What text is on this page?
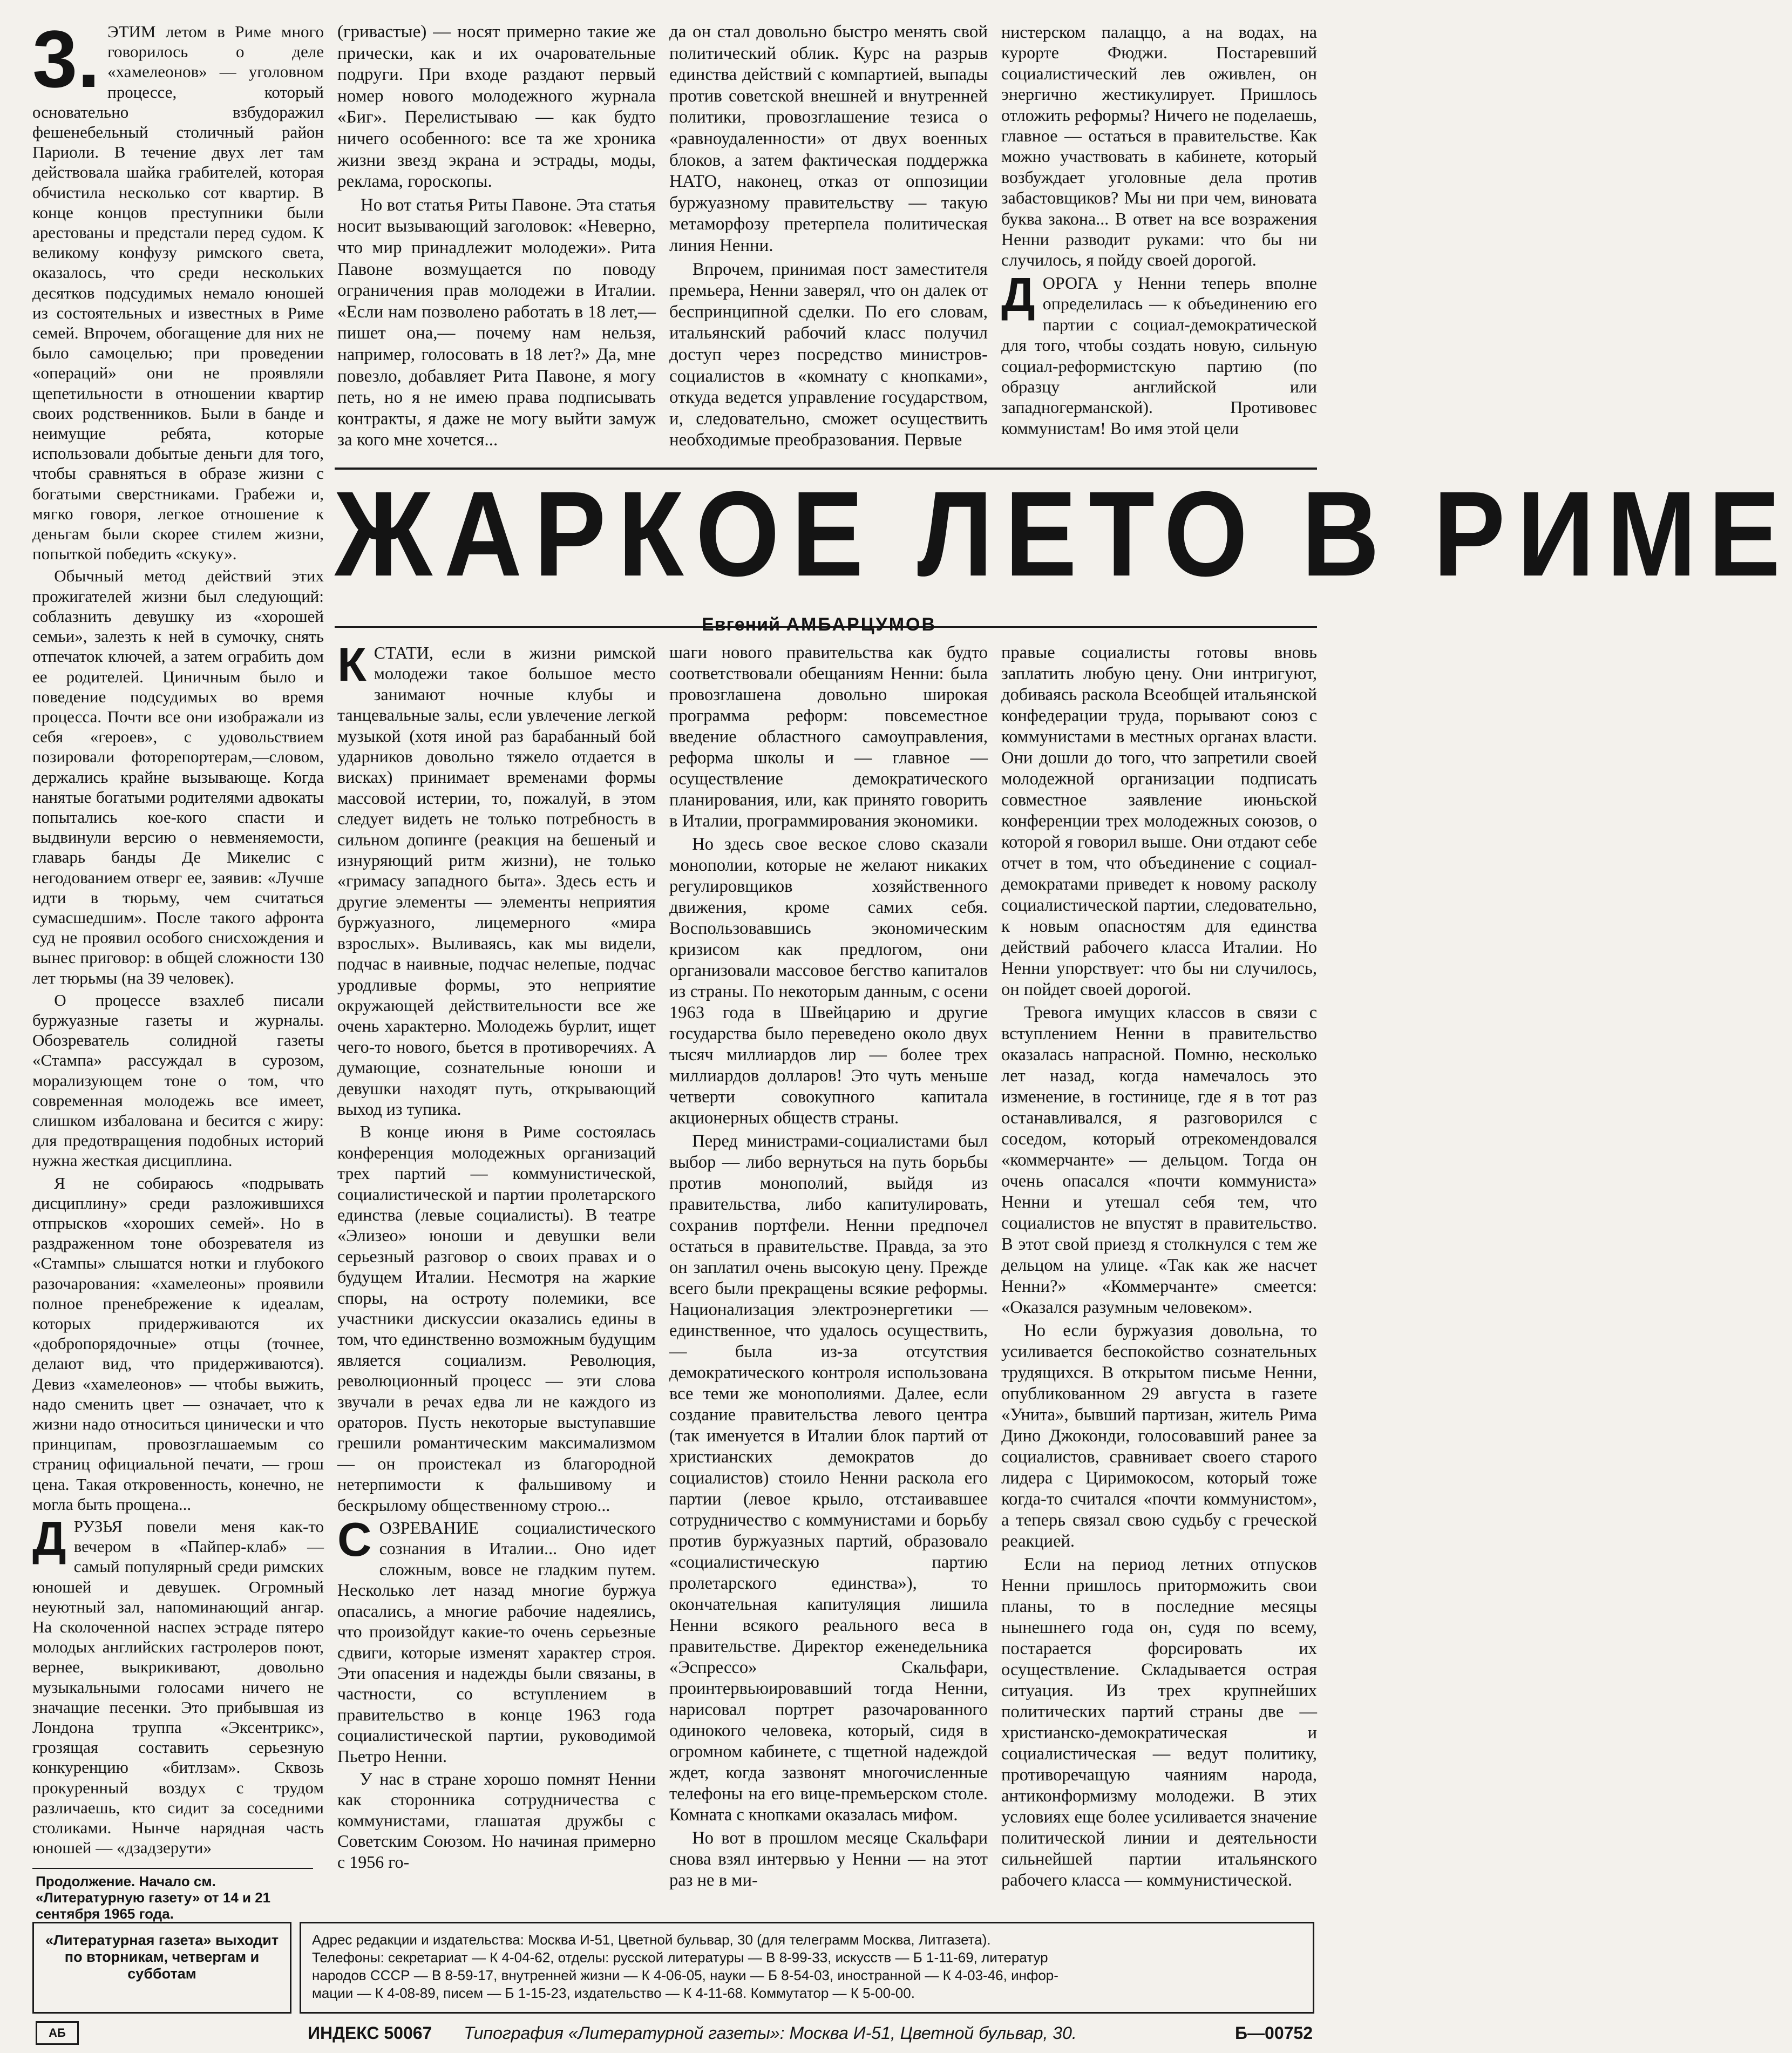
3. ЭТИМ летом в Риме много говорилось о деле «хамелеонов» — уголовном процессе, который основательно взбудоражил фешенебельный столичный район Париоли. В течение двух лет там действовала шайка грабителей, которая обчистила несколько сот квартир. В конце концов преступники были арестованы и предстали перед судом. К великому конфузу римского света, оказалось, что среди нескольких десятков подсудимых немало юношей из состоятельных и известных в Риме семей. Впрочем, обогащение для них не было самоцелью; при проведении «операций» они не проявляли щепетильности в отношении квартир своих родственников. Были в банде и неимущие ребята, которые использовали добытые деньги для того, чтобы сравняться в образе жизни с богатыми сверстниками. Грабежи и, мягко говоря, легкое отношение к деньгам были скорее стилем жизни, попыткой победить «скуку».

Обычный метод действий этих прожигателей жизни был следующий: соблазнить девушку из «хорошей семьи», залезть к ней в сумочку, снять отпечаток ключей, а затем ограбить дом ее родителей. Циничным было и поведение подсудимых во время процесса. Почти все они изображали из себя «героев», с удовольствием позировали фоторепортерам,—словом, держались крайне вызывающе. Когда нанятые богатыми родителями адвокаты попытались кое-кого спасти и выдвинули версию о невменяемости, главарь банды Де Микелис с негодованием отверг ее, заявив: «Лучше идти в тюрьму, чем считаться сумасшедшим». После такого афронта суд не проявил особого снисхождения и вынес приговор: в общей сложности 130 лет тюрьмы (на 39 человек).

О процессе взахлеб писали буржуазные газеты и журналы. Обозреватель солидной газеты «Стампа» рассуждал в сурозом, морализующем тоне о том, что современная молодежь все имеет, слишком избалована и бесится с жиру: для предотвращения подобных историй нужна жесткая дисциплина.

Я не собираюсь «подрывать дисциплину» среди разложившихся отпрысков «хороших семей». Но в раздраженном тоне обозревателя из «Стампы» слышатся нотки и глубокого разочарования: «хамелеоны» проявили полное пренебрежение к идеалам, которых придерживаются их «добропорядочные» отцы (точнее, делают вид, что придерживаются). Девиз «хамелеонов» — чтобы выжить, надо сменить цвет — означает, что к жизни надо относиться цинически и что принципам, провозглашаемым со страниц официальной печати, — грош цена. Такая откровенность, конечно, не могла быть прощена...

ДРУЗЬЯ повели меня как-то вечером в «Пайпер-клаб» — самый популярный среди римских юношей и девушек. Огромный неуютный зал, напоминающий ангар. На сколоченной наспех эстраде пятеро молодых английских гастролеров поют, вернее, выкрикивают, довольно музыкальными голосами ничего не значащие песенки. Это прибывшая из Лондона труппа «Эксентрикс», грозящая составить серьезную конкуренцию «битлзам». Сквозь прокуренный воздух с трудом различаешь, кто сидит за соседними столиками. Нынче нарядная часть юношей — «дзадзерути»

(гривастые) — носят примерно такие же прически, как и их очаровательные подруги. При входе раздают первый номер нового молодежного журнала «Биг». Перелистываю — как будто ничего особенного: все та же хроника жизни звезд экрана и эстрады, моды, реклама, гороскопы.

Но вот статья Риты Павоне. Эта статья носит вызывающий заголовок: «Неверно, что мир принадлежит молодежи». Рита Павоне возмущается по поводу ограничения прав молодежи в Италии. «Если нам позволено работать в 18 лет,— пишет она,— почему нам нельзя, например, голосовать в 18 лет?» Да, мне повезло, добавляет Рита Павоне, я могу петь, но я не имею права подписывать контракты, я даже не могу выйти замуж за кого мне хочется...

да он стал довольно быстро менять свой политический облик. Курс на разрыв единства действий с компартией, выпады против советской внешней и внутренней политики, провозглашение тезиса о «равноудаленности» от двух военных блоков, а затем фактическая поддержка НАТО, наконец, отказ от оппозиции буржуазному правительству — такую метаморфозу претерпела политическая линия Ненни.

Впрочем, принимая пост заместителя премьера, Ненни заверял, что он далек от беспринципной сделки. По его словам, итальянский рабочий класс получил доступ через посредство министров-социалистов в «комнату с кнопками», откуда ведется управление государством, и, следовательно, сможет осуществить необходимые преобразования. Первые

нистерском палаццо, а на водах, на курорте Фюджи. Постаревший социалистический лев оживлен, он энергично жестикулирует. Пришлось отложить реформы? Ничего не поделаешь, главное — остаться в правительстве. Как можно участвовать в кабинете, который возбуждает уголовные дела против забастовщиков? Мы ни при чем, виновата буква закона... В ответ на все возражения Ненни разводит руками: что бы ни случилось, я пойду своей дорогой.

ДОРОГА у Ненни теперь вполне определилась — к объединению его партии с социал-демократической для того, чтобы создать новую, сильную социал-реформистскую партию (по образцу английской или западногерманской). Противовес коммунистам! Во имя этой цели

ЖАРКОЕ ЛЕТО В РИМЕ
Евгений АМБАРЦУМОВ

КСТАТИ, если в жизни римской молодежи такое большое место занимают ночные клубы и танцевальные залы, если увлечение легкой музыкой (хотя иной раз барабанный бой ударников довольно тяжело отдается в висках) принимает временами формы массовой истерии, то, пожалуй, в этом следует видеть не только потребность в сильном допинге (реакция на бешеный и изнуряющий ритм жизни), не только «гримасу западного быта». Здесь есть и другие элементы — элементы неприятия буржуазного, лицемерного «мира взрослых». Выливаясь, как мы видели, подчас в наивные, подчас нелепые, подчас уродливые формы, это неприятие окружающей действительности все же очень характерно. Молодежь бурлит, ищет чего-то нового, бьется в противоречиях. А думающие, сознательные юноши и девушки находят путь, открывающий выход из тупика.

В конце июня в Риме состоялась конференция молодежных организаций трех партий — коммунистической, социалистической и партии пролетарского единства (левые социалисты). В театре «Элизео» юноши и девушки вели серьезный разговор о своих правах и о будущем Италии. Несмотря на жаркие споры, на остроту полемики, все участники дискуссии оказались едины в том, что единственно возможным будущим является социализм. Революция, революционный процесс — эти слова звучали в речах едва ли не каждого из ораторов. Пусть некоторые выступавшие грешили романтическим максимализмом — он проистекал из благородной нетерпимости к фальшивому и бескрылому общественному строю...

СОЗРЕВАНИЕ социалистического сознания в Италии... Оно идет сложным, вовсе не гладким путем. Несколько лет назад многие буржуа опасались, а многие рабочие надеялись, что произойдут какие-то очень серьезные сдвиги, которые изменят характер строя. Эти опасения и надежды были связаны, в частности, со вступлением в правительство в конце 1963 года социалистической партии, руководимой Пьетро Ненни.

У нас в стране хорошо помнят Ненни как сторонника сотрудничества с коммунистами, глашатая дружбы с Советским Союзом. Но начиная примерно с 1956 го-

шаги нового правительства как будто соответствовали обещаниям Ненни: была провозглашена довольно широкая программа реформ: повсеместное введение областного самоуправления, реформа школы и — главное — осуществление демократического планирования, или, как принято говорить в Италии, программирования экономики.

Но здесь свое веское слово сказали монополии, которые не желают никаких регулировщиков хозяйственного движения, кроме самих себя. Воспользовавшись экономическим кризисом как предлогом, они организовали массовое бегство капиталов из страны. По некоторым данным, с осени 1963 года в Швейцарию и другие государства было переведено около двух тысяч миллиардов лир — более трех миллиардов долларов! Это чуть меньше четверти совокупного капитала акционерных обществ страны.

Перед министрами-социалистами был выбор — либо вернуться на путь борьбы против монополий, выйдя из правительства, либо капитулировать, сохранив портфели. Ненни предпочел остаться в правительстве. Правда, за это он заплатил очень высокую цену. Прежде всего были прекращены всякие реформы. Национализация электроэнергетики — единственное, что удалось осуществить, — была из-за отсутствия демократического контроля использована все теми же монополиями. Далее, если создание правительства левого центра (так именуется в Италии блок партий от христианских демократов до социалистов) стоило Ненни раскола его партии (левое крыло, отстаивавшее сотрудничество с коммунистами и борьбу против буржуазных партий, образовало «социалистическую партию пролетарского единства»), то окончательная капитуляция лишила Ненни всякого реального веса в правительстве. Директор еженедельника «Эспрессо» Скальфари, проинтервьюировавший тогда Ненни, нарисовал портрет разочарованного одинокого человека, который, сидя в огромном кабинете, с тщетной надеждой ждет, когда зазвонят многочисленные телефоны на его вице-премьерском столе. Комната с кнопками оказалась мифом.

Но вот в прошлом месяце Скальфари снова взял интервью у Ненни — на этот раз не в ми-

правые социалисты готовы вновь заплатить любую цену. Они интригуют, добиваясь раскола Всеобщей итальянской конфедерации труда, порывают союз с коммунистами в местных органах власти. Они дошли до того, что запретили своей молодежной организации подписать совместное заявление июньской конференции трех молодежных союзов, о которой я говорил выше. Они отдают себе отчет в том, что объединение с социал-демократами приведет к новому расколу социалистической партии, следовательно, к новым опасностям для единства действий рабочего класса Италии. Но Ненни упорствует: что бы ни случилось, он пойдет своей дорогой.

Тревога имущих классов в связи с вступлением Ненни в правительство оказалась напрасной. Помню, несколько лет назад, когда намечалось это изменение, в гостинице, где я в тот раз останавливался, я разговорился с соседом, который отрекомендовался «коммерчанте» — дельцом. Тогда он очень опасался «почти коммуниста» Ненни и утешал себя тем, что социалистов не впустят в правительство. В этот свой приезд я столкнулся с тем же дельцом на улице. «Так как же насчет Ненни?» «Коммерчанте» смеется: «Оказался разумным человеком».

Но если буржуазия довольна, то усиливается беспокойство сознательных трудящихся. В открытом письме Ненни, опубликованном 29 августа в газете «Унита», бывший партизан, житель Рима Дино Джоконди, голосовавший ранее за социалистов, сравнивает своего старого лидера с Циримокосом, который тоже когда-то считался «почти коммунистом», а теперь связал свою судьбу с греческой реакцией.

Если на период летних отпусков Ненни пришлось приторможить свои планы, то в последние месяцы нынешнего года он, судя по всему, постарается форсировать их осуществление. Складывается острая ситуация. Из трех крупнейших политических партий страны две — христианско-демократическая и социалистическая — ведут политику, противоречащую чаяниям народа, антиконформизму молодежи. В этих условиях еще более усиливается значение политической линии и деятельности сильнейшей партии итальянского рабочего класса — коммунистической.

Продолжение. Начало см. «Литературную газету» от 14 и 21 сентября 1965 года.
«Литературная газета» выходит по вторникам, четвергам и субботам
Адрес редакции и издательства: Москва И-51, Цветной бульвар, 30 (для телеграмм Москва, Литгазета).
Телефоны: секретариат — К 4-04-62, отделы: русской литературы — В 8-99-33, искусств — Б 1-11-69, литератур
народов СССР — В 8-59-17, внутренней жизни — К 4-06-05, науки — Б 8-54-03, иностранной — К 4-03-46, инфор-
мации — К 4-08-89, писем — Б 1-15-23, издательство — К 4-11-68. Коммутатор — К 5-00-00.
АБ	ИНДЕКС 50067 Типография «Литературной газеты»: Москва И-51, Цветной бульвар, 30.	Б—00752
